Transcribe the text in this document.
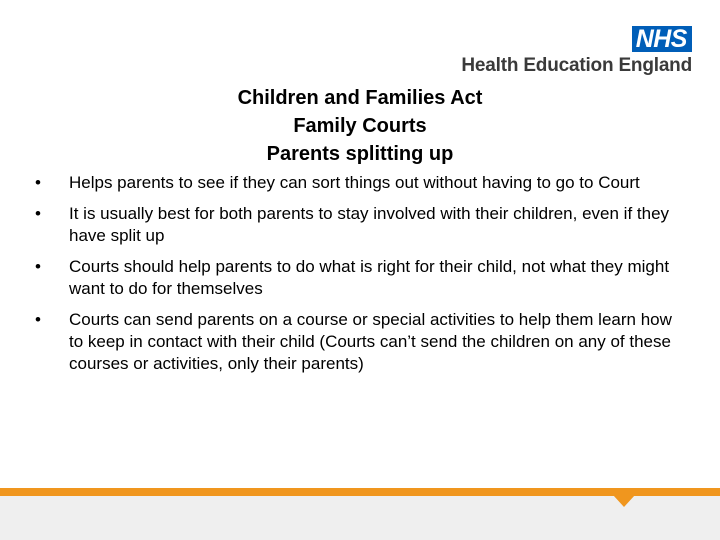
NHS
Health Education England
Children and Families Act
Family Courts
Parents splitting up
•	Helps parents to see if they can sort things out without having to go to Court
•	It is usually best for both parents to stay involved with their children, even if they have split up
•	Courts should help parents to do what is right for their child, not what they might want to do for themselves
•	Courts can send parents on a course or special activities to help them learn how to keep in contact with their child (Courts can’t send the children on any of these courses or activities, only their parents)
